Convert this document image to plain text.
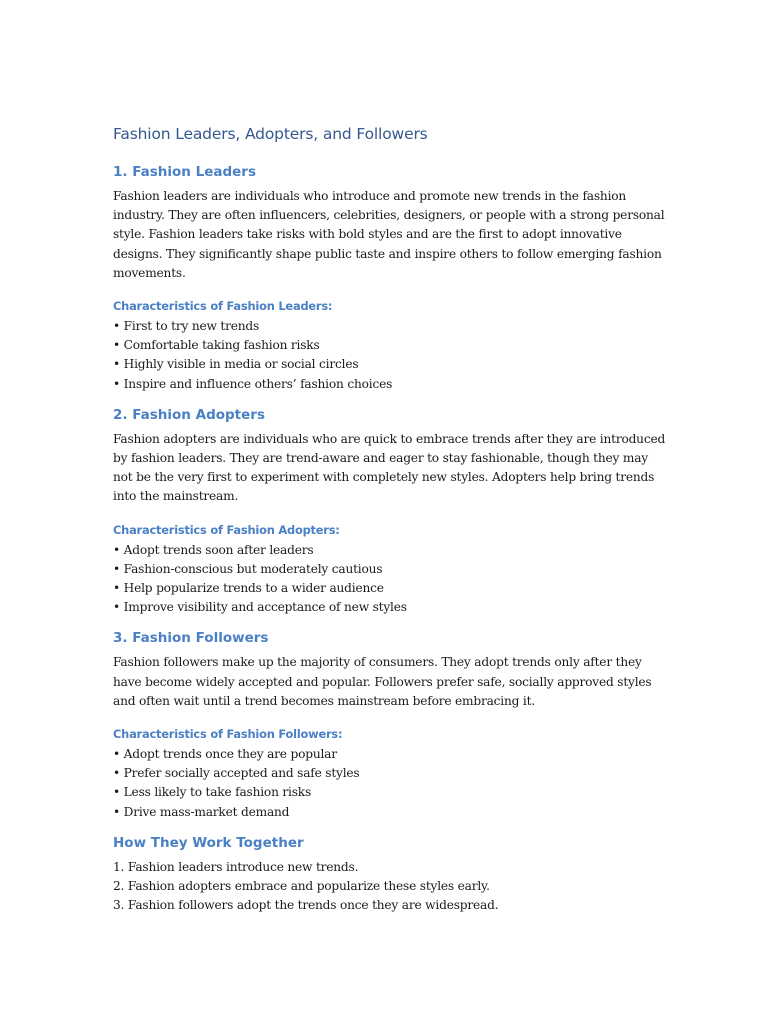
Fashion Leaders, Adopters, and Followers
1. Fashion Leaders

Fashion leaders are individuals who introduce and promote new trends in the fashion
industry. They are often influencers, celebrities, designers, or people with a strong personal
style. Fashion leaders take risks with bold styles and are the first to adopt innovative
designs. They significantly shape public taste and inspire others to follow emerging fashion
movements.

Characteristics of Fashion Leaders:
• First to try new trends
• Comfortable taking fashion risks
• Highly visible in media or social circles
• Inspire and influence others’ fashion choices
2. Fashion Adopters

Fashion adopters are individuals who are quick to embrace trends after they are introduced
by fashion leaders. They are trend-aware and eager to stay fashionable, though they may
not be the very first to experiment with completely new styles. Adopters help bring trends
into the mainstream.

Characteristics of Fashion Adopters:
• Adopt trends soon after leaders
• Fashion-conscious but moderately cautious
• Help popularize trends to a wider audience
• Improve visibility and acceptance of new styles
3. Fashion Followers

Fashion followers make up the majority of consumers. They adopt trends only after they
have become widely accepted and popular. Followers prefer safe, socially approved styles
and often wait until a trend becomes mainstream before embracing it.

Characteristics of Fashion Followers:
• Adopt trends once they are popular
• Prefer socially accepted and safe styles
• Less likely to take fashion risks
• Drive mass-market demand
How They Work Together
1. Fashion leaders introduce new trends.
2. Fashion adopters embrace and popularize these styles early.
3. Fashion followers adopt the trends once they are widespread.
